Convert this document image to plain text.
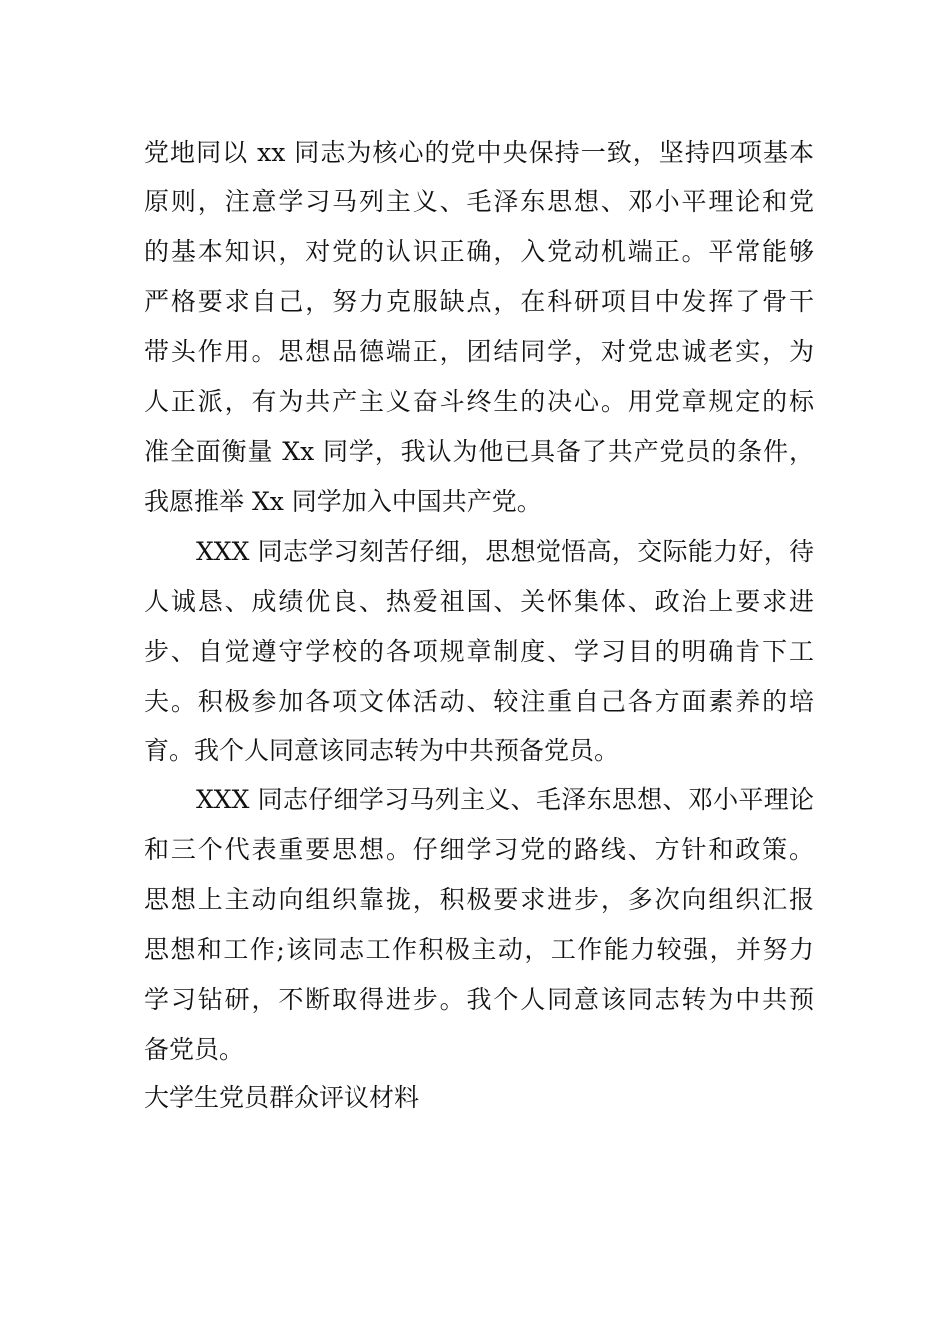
党地同以 xx 同志为核心的党中央保持一致，坚持四项基本
原则，注意学习马列主义、毛泽东思想、邓小平理论和党
的基本知识，对党的认识正确，入党动机端正。平常能够
严格要求自己，努力克服缺点，在科研项目中发挥了骨干
带头作用。思想品德端正，团结同学，对党忠诚老实，为
人正派，有为共产主义奋斗终生的决心。用党章规定的标
准全面衡量 Xx 同学，我认为他已具备了共产党员的条件，
我愿推举 Xx 同学加入中国共产党。
XXX 同志学习刻苦仔细，思想觉悟高，交际能力好，待
人诚恳、成绩优良、热爱祖国、关怀集体、政治上要求进
步、自觉遵守学校的各项规章制度、学习目的明确肯下工
夫。积极参加各项文体活动、较注重自己各方面素养的培
育。我个人同意该同志转为中共预备党员。
XXX 同志仔细学习马列主义、毛泽东思想、邓小平理论
和三个代表重要思想。仔细学习党的路线、方针和政策。
思想上主动向组织靠拢，积极要求进步，多次向组织汇报
思想和工作;该同志工作积极主动，工作能力较强，并努力
学习钻研，不断取得进步。我个人同意该同志转为中共预
备党员。
大学生党员群众评议材料
